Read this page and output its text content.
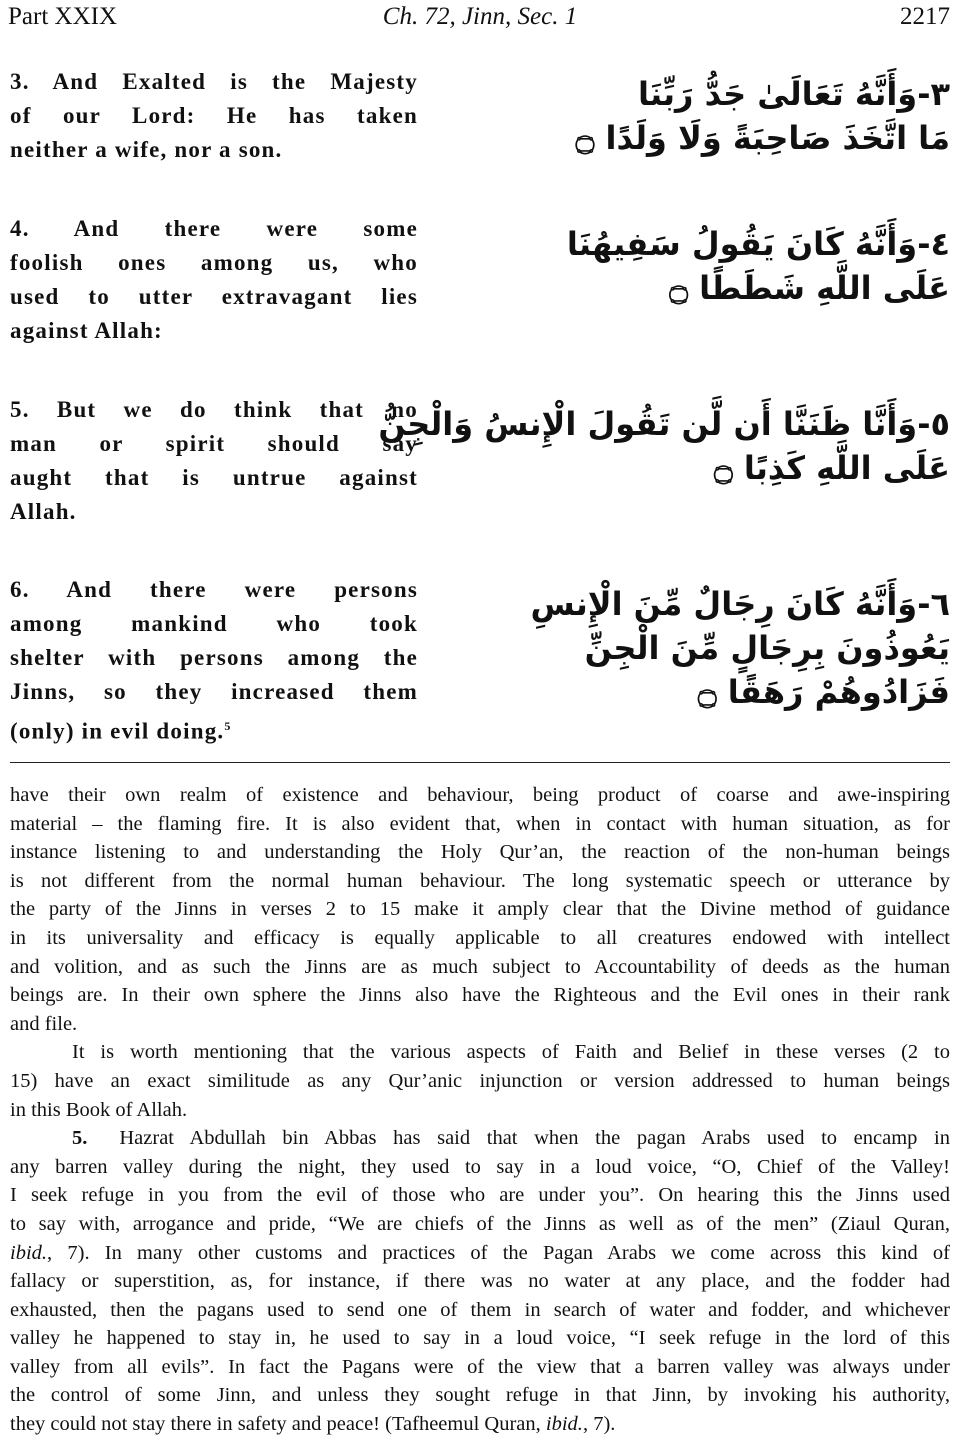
Part XXIX	Ch. 72, Jinn, Sec. 1	2217
3. And Exalted is the Majesty
of our Lord: He has taken
neither a wife, nor a son.
٣-وَأَنَّهُ تَعَالَىٰ جَدُّ رَبِّنَا
مَا اتَّخَذَ صَاحِبَةً وَلَا وَلَدًا ۝
4. And there were some
foolish ones among us, who
used to utter extravagant lies
against Allah:
٤-وَأَنَّهُ كَانَ يَقُولُ سَفِيهُنَا
عَلَى اللَّهِ شَطَطًا ۝
5. But we do think that no
man or spirit should say
aught that is untrue against
Allah.
٥-وَأَنَّا ظَنَنَّا أَن لَّن تَقُولَ الْإِنسُ وَالْجِنُّ
عَلَى اللَّهِ كَذِبًا ۝
6. And there were persons
among mankind who took
shelter with persons among the
Jinns, so they increased them
(only) in evil doing.$^5$
٦-وَأَنَّهُ كَانَ رِجَالٌ مِّنَ الْإِنسِ
يَعُوذُونَ بِرِجَالٍ مِّنَ الْجِنِّ
فَزَادُوهُمْ رَهَقًا ۝
have their own realm of existence and behaviour, being product of coarse and awe-inspiring
material – the flaming fire. It is also evident that, when in contact with human situation, as for
instance listening to and understanding the Holy Qur’an, the reaction of the non-human beings
is not different from the normal human behaviour. The long systematic speech or utterance by
the party of the Jinns in verses 2 to 15 make it amply clear that the Divine method of guidance
in its universality and efficacy is equally applicable to all creatures endowed with intellect
and volition, and as such the Jinns are as much subject to Accountability of deeds as the human
beings are. In their own sphere the Jinns also have the Righteous and the Evil ones in their rank
and file.
It is worth mentioning that the various aspects of Faith and Belief in these verses (2 to
15) have an exact similitude as any Qur’anic injunction or version addressed to human beings
in this Book of Allah.
5. Hazrat Abdullah bin Abbas has said that when the pagan Arabs used to encamp in
any barren valley during the night, they used to say in a loud voice, “O, Chief of the Valley!
I seek refuge in you from the evil of those who are under you”. On hearing this the Jinns used
to say with, arrogance and pride, “We are chiefs of the Jinns as well as of the men” (Ziaul Quran,
ibid., 7). In many other customs and practices of the Pagan Arabs we come across this kind of
fallacy or superstition, as, for instance, if there was no water at any place, and the fodder had
exhausted, then the pagans used to send one of them in search of water and fodder, and whichever
valley he happened to stay in, he used to say in a loud voice, “I seek refuge in the lord of this
valley from all evils”. In fact the Pagans were of the view that a barren valley was always under
the control of some Jinn, and unless they sought refuge in that Jinn, by invoking his authority,
they could not stay there in safety and peace! (Tafheemul Quran, ibid., 7).
